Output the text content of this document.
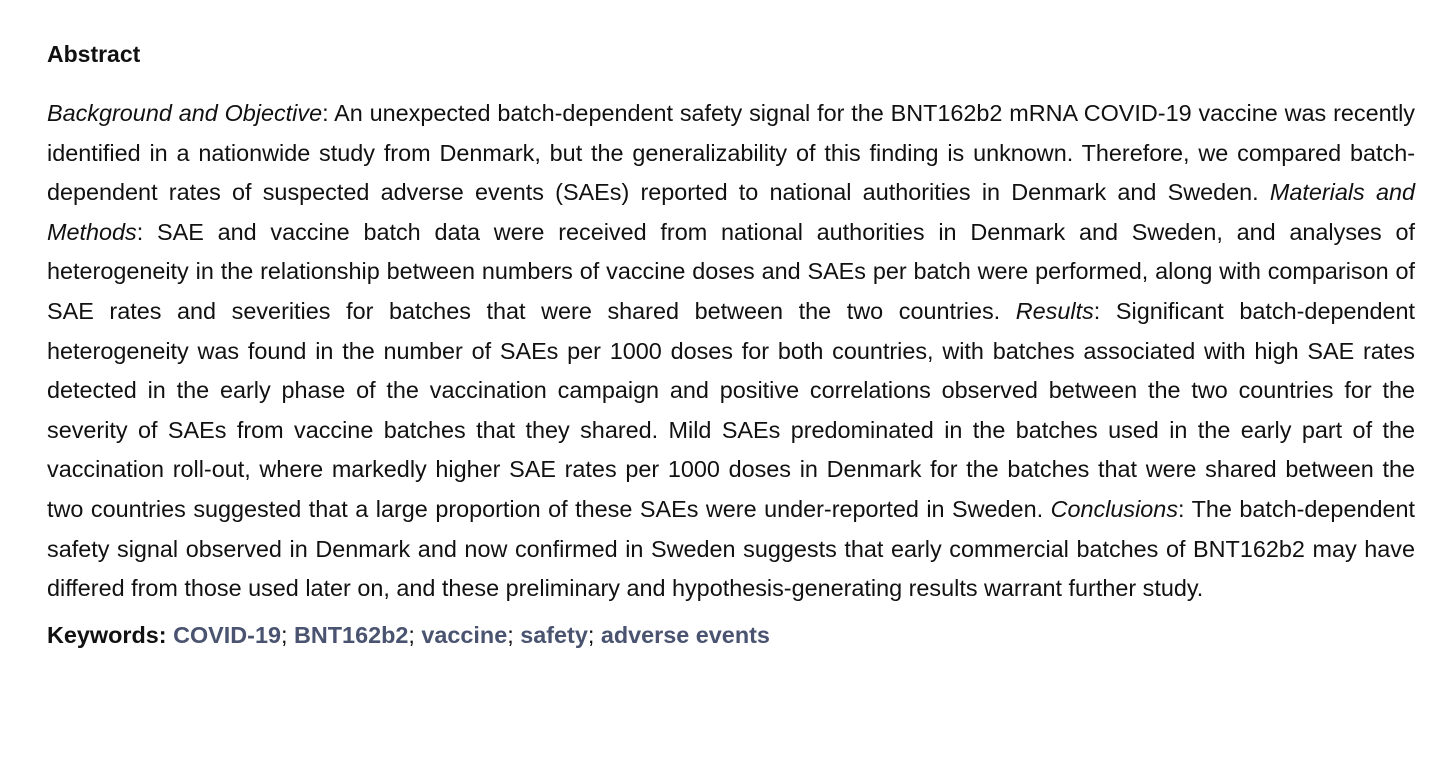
Abstract

Background and Objective: An unexpected batch-dependent safety signal for the BNT162b2 mRNA COVID-19 vaccine was recently identified in a nationwide study from Denmark, but the generalizability of this finding is unknown. Therefore, we compared batch-dependent rates of suspected adverse events (SAEs) reported to national authorities in Denmark and Sweden. Materials and Methods: SAE and vaccine batch data were received from national authorities in Denmark and Sweden, and analyses of heterogeneity in the relationship between numbers of vaccine doses and SAEs per batch were performed, along with comparison of SAE rates and severities for batches that were shared between the two countries. Results: Significant batch-dependent heterogeneity was found in the number of SAEs per 1000 doses for both countries, with batches associated with high SAE rates detected in the early phase of the vaccination campaign and positive correlations observed between the two countries for the severity of SAEs from vaccine batches that they shared. Mild SAEs predominated in the batches used in the early part of the vaccination roll-out, where markedly higher SAE rates per 1000 doses in Denmark for the batches that were shared between the two countries suggested that a large proportion of these SAEs were under-reported in Sweden. Conclusions: The batch-dependent safety signal observed in Denmark and now confirmed in Sweden suggests that early commercial batches of BNT162b2 may have differed from those used later on, and these preliminary and hypothesis-generating results warrant further study.

Keywords: COVID-19; BNT162b2; vaccine; safety; adverse events
